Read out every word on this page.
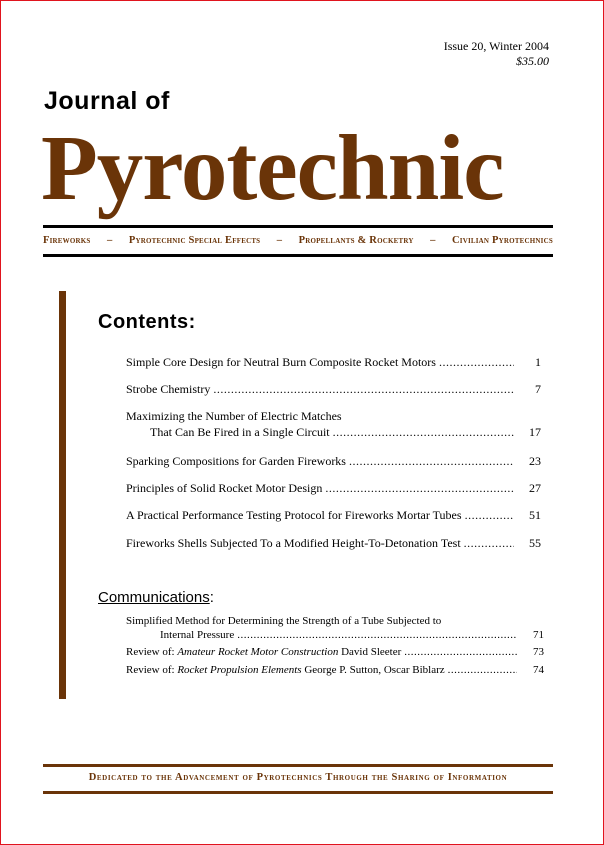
Issue 20, Winter 2004
$35.00
Journal of
Pyrotechnic
Fireworks – Pyrotechnic Special Effects – Propellants & Rocketry – Civilian Pyrotechnics
Contents:
Simple Core Design for Neutral Burn Composite Rocket Motors .....	1
Strobe Chemistry .....	7
Maximizing the Number of Electric Matches
That Can Be Fired in a Single Circuit .....	17
Sparking Compositions for Garden Fireworks .....	23
Principles of Solid Rocket Motor Design .....	27
A Practical Performance Testing Protocol for Fireworks Mortar Tubes .....	51
Fireworks Shells Subjected To a Modified Height-To-Detonation Test .....	55
Communications:
Simplified Method for Determining the Strength of a Tube Subjected to
Internal Pressure .....	71
Review of: Amateur Rocket Motor Construction David Sleeter .....	73
Review of: Rocket Propulsion Elements George P. Sutton, Oscar Biblarz .....	74
Dedicated to the Advancement of Pyrotechnics Through the Sharing of Information
